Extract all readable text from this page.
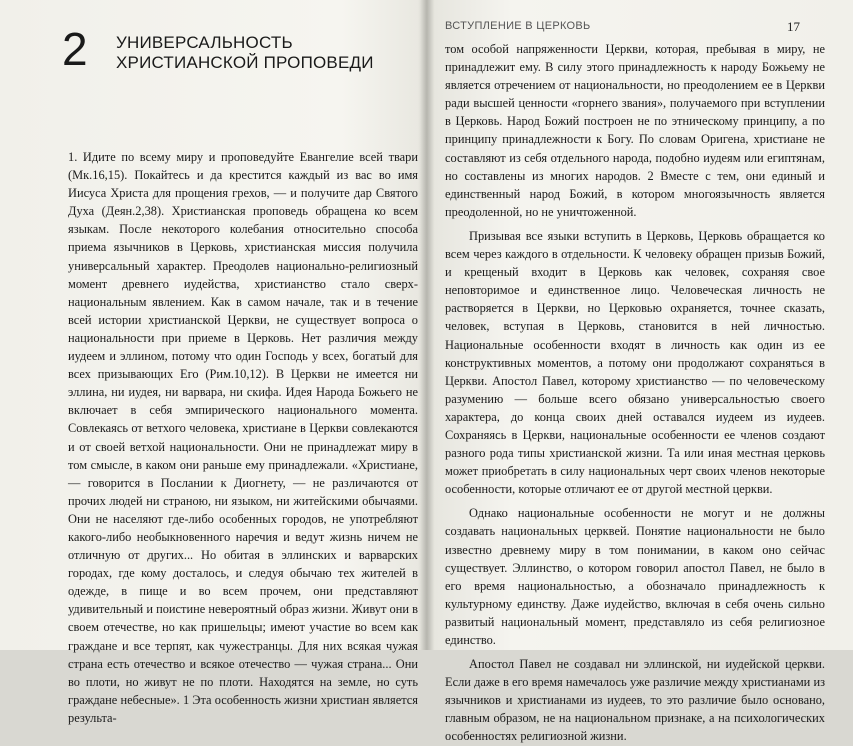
2 УНИВЕРСАЛЬНОСТЬ
ХРИСТИАНСКОЙ ПРОПОВЕДИ

1. Идите по всему миру и проповедуйте Евангелие всей твари (Мк.16,15). Покайтесь и да крестится каждый из вас во имя Иисуса Христа для прощения грехов, — и получите дар Святого Духа (Деян.2,38). Христианская проповедь обращена ко всем языкам. После некоторого колебания относительно способа приема язычников в Церковь, христианская миссия получила универсальный характер. Преодолев национально-религиозный момент древнего иудейства, христианство стало сверх-национальным явлением. Как в самом начале, так и в течение всей истории христианской Церкви, не существует вопроса о национальности при приеме в Церковь. Нет различия между иудеем и эллином, потому что один Господь у всех, богатый для всех призывающих Его (Рим.10,12). В Церкви не имеется ни эллина, ни иудея, ни варвара, ни скифа. Идея Народа Божьего не включает в себя эмпирического национального момента. Совлекаясь от ветхого человека, христиане в Церкви совлекаются и от своей ветхой национальности. Они не принадлежат миру в том смысле, в каком они раньше ему принадлежали. «Христиане, — говорится в Послании к Диогнету, — не различаются от прочих людей ни страною, ни языком, ни житейскими обычаями. Они не населяют где-либо особенных городов, не употребляют какого-либо необыкновенного наречия и ведут жизнь ничем не отличную от других... Но обитая в эллинских и варварских городах, где кому досталось, и следуя обычаю тех жителей в одежде, в пище и во всем прочем, они представляют удивительный и поистине невероятный образ жизни. Живут они в своем отечестве, но как пришельцы; имеют участие во всем как граждане и все терпят, как чужестранцы. Для них всякая чужая страна есть отечество и всякое отечество — чужая страна... Они во плоти, но живут не по плоти. Находятся на земле, но суть граждане небесные». 1 Эта особенность жизни христиан является результа-

ВСТУПЛЕНИЕ В ЦЕРКОВЬ	17

том особой напряженности Церкви, которая, пребывая в миру, не принадлежит ему. В силу этого принадлежность к народу Божьему не является отречением от национальности, но преодолением ее в Церкви ради высшей ценности «горнего звания», получаемого при вступлении в Церковь. Народ Божий построен не по этническому принципу, а по принципу принадлежности к Богу. По словам Оригена, христиане не составляют из себя отдельного народа, подобно иудеям или египтянам, но составлены из многих народов. 2 Вместе с тем, они единый и единственный народ Божий, в котором многоязычность является преодоленной, но не уничтоженной.

Призывая все языки вступить в Церковь, Церковь обращается ко всем через каждого в отдельности. К человеку обращен призыв Божий, и крещеный входит в Церковь как человек, сохраняя свое неповторимое и единственное лицо. Человеческая личность не растворяется в Церкви, но Церковью охраняется, точнее сказать, человек, вступая в Церковь, становится в ней личностью. Национальные особенности входят в личность как один из ее конструктивных моментов, а потому они продолжают сохраняться в Церкви. Апостол Павел, которому христианство — по человеческому разумению — больше всего обязано универсальностью своего характера, до конца своих дней оставался иудеем из иудеев. Сохраняясь в Церкви, национальные особенности ее членов создают разного рода типы христианской жизни. Та или иная местная церковь может приобретать в силу национальных черт своих членов некоторые особенности, которые отличают ее от другой местной церкви.

Однако национальные особенности не могут и не должны создавать национальных церквей. Понятие национальности не было известно древнему миру в том понимании, в каком оно сейчас существует. Эллинство, о котором говорил апостол Павел, не было в его время национальностью, а обозначало принадлежность к культурному единству. Даже иудейство, включая в себя очень сильно развитый национальный момент, представляло из себя религиозное единство.

Апостол Павел не создавал ни эллинской, ни иудейской церкви. Если даже в его время намечалось уже различие между христианами из язычников и христианами из иудеев, то это различие было основано, главным образом, не на национальном признаке, а на психологических особенностях религиозной жизни.
